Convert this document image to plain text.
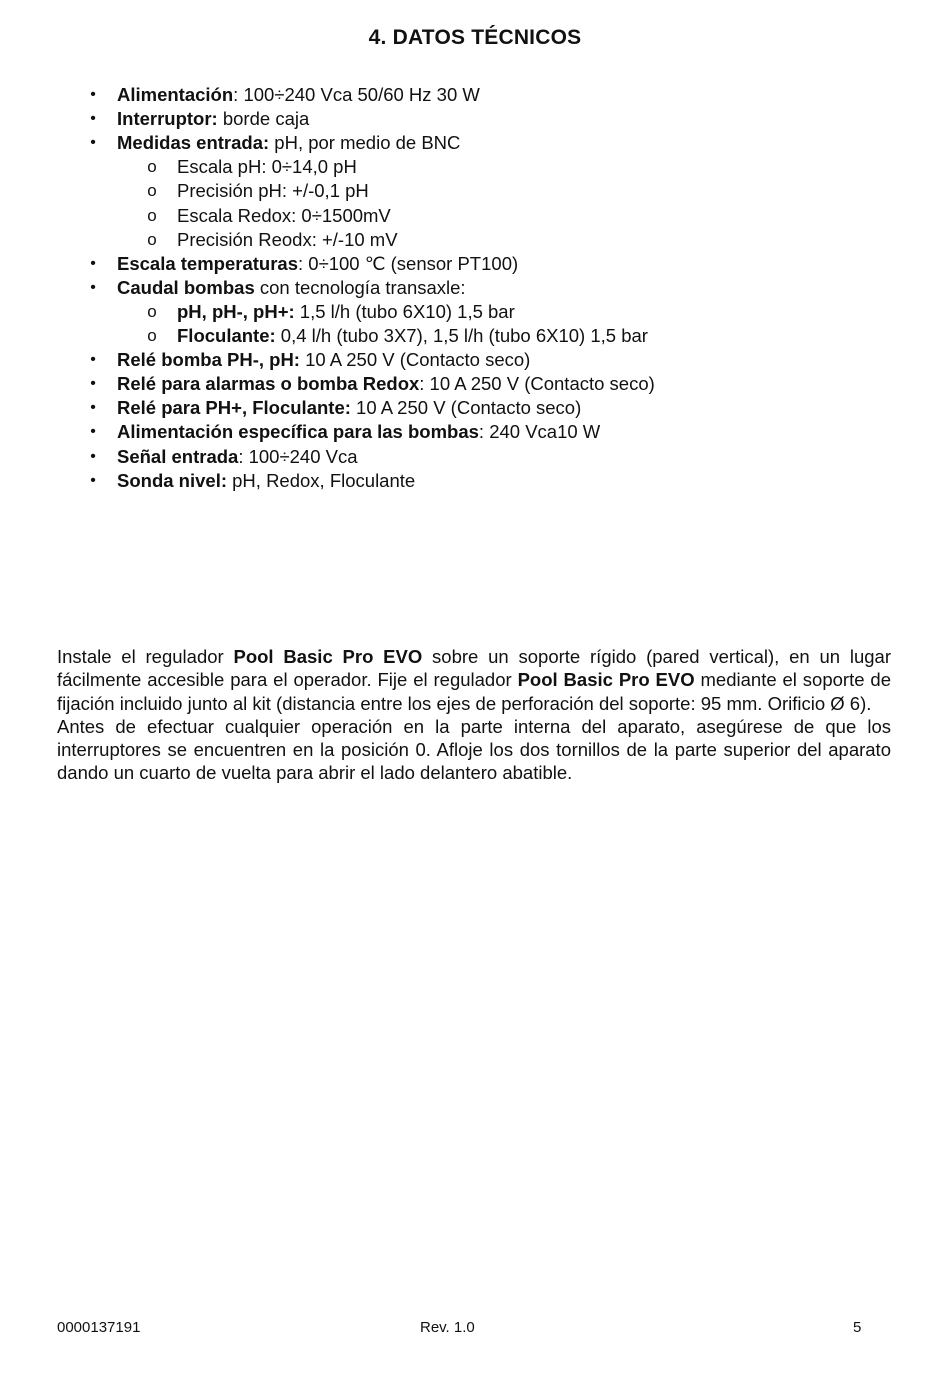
4. DATOS TÉCNICOS
• Alimentación: 100÷240 Vca 50/60 Hz 30 W
• Interruptor: borde caja
• Medidas entrada: pH, por medio de BNC
o Escala pH: 0÷14,0 pH
o Precisión pH: +/-0,1 pH
o Escala Redox: 0÷1500mV
o Precisión Reodx: +/-10 mV
• Escala temperaturas: 0÷100 ℃ (sensor PT100)
• Caudal bombas con tecnología transaxle:
o pH, pH-, pH+: 1,5 l/h (tubo 6X10) 1,5 bar
o Floculante: 0,4 l/h (tubo 3X7), 1,5 l/h (tubo 6X10) 1,5 bar
• Relé bomba PH-, pH: 10 A 250 V (Contacto seco)
• Relé para alarmas o bomba Redox: 10 A 250 V (Contacto seco)
• Relé para PH+, Floculante: 10 A 250 V (Contacto seco)
• Alimentación específica para las bombas: 240 Vca10 W
• Señal entrada: 100÷240 Vca
• Sonda nivel: pH, Redox, Floculante

Instale el regulador Pool Basic Pro EVO sobre un soporte rígido (pared vertical), en un lugar fácilmente accesible para el operador. Fije el regulador Pool Basic Pro EVO mediante el soporte de fijación incluido junto al kit (distancia entre los ejes de perforación del soporte: 95 mm. Orificio Ø 6).

Antes de efectuar cualquier operación en la parte interna del aparato, asegúrese de que los interruptores se encuentren en la posición 0. Afloje los dos tornillos de la parte superior del aparato dando un cuarto de vuelta para abrir el lado delantero abatible.

0000137191	Rev. 1.0	5
